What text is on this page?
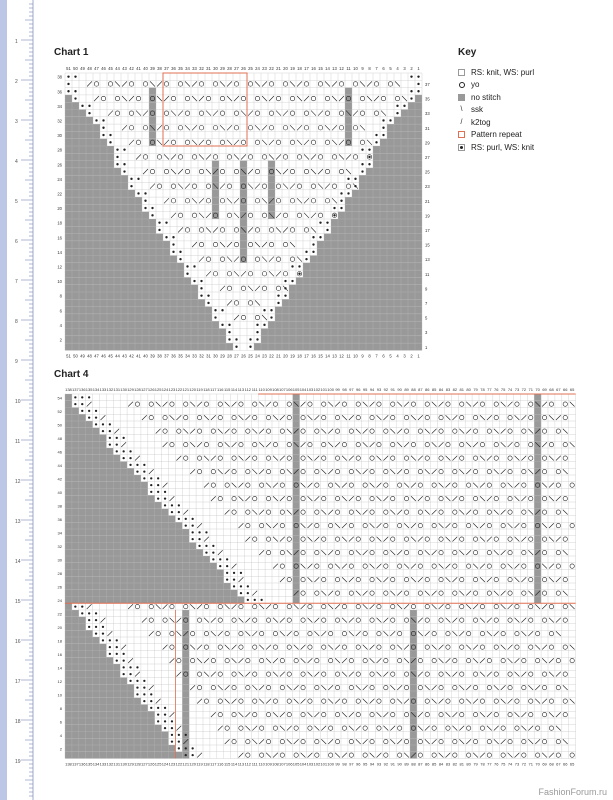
1
2
3
4
5
6
7
8
9
10
11
12
13
14
15
16
17
18
19
Chart 1
51
51
50
50
49
49
48
48
47
47
46
46
45
45
44
44
43
43
42
42
41
41
40
40
39
39
38
38
37
37
36
36
35
35
34
34
33
33
32
32
31
31
30
30
29
29
28
28
27
27
26
26
25
25
24
24
23
23
22
22
21
21
20
20
19
19
18
18
17
17
16
16
15
15
14
14
13
13
12
12
11
11
10
10
9
9
8
8
7
7
6
6
5
5
4
4
3
3
2
2
1
1
1
2
3
4
5
6
7
8
9
10
11
12
13
14
15
16
17
18
19
20
21
22
23
24
25
26
27
28
29
30
31
32
33
34
35
36
37
38
Chart 4
138
138
137
137
136
136
135
135
134
134
133
133
132
132
131
131
130
130
129
129
128
128
127
127
126
126
125
125
124
124
123
123
122
122
121
121
120
120
119
119
118
118
117
117
116
116
115
115
114
114
113
113
112
112
111
111
110
110
109
109
108
108
107
107
106
106
105
105
104
104
103
103
102
102
101
101
100
100
99
99
98
98
97
97
96
96
95
95
94
94
93
93
92
92
91
91
90
90
89
89
88
88
87
87
86
86
85
85
84
84
83
83
82
82
81
81
80
80
79
79
78
78
77
77
76
76
75
75
74
74
73
73
72
72
71
71
70
70
69
69
68
68
67
67
66
66
65
65
2
4
6
8
10
12
14
16
18
20
22
24
26
28
30
32
34
36
38
40
42
44
46
48
50
52
54
Key
RS: knit, WS: purl
yo
no stitch
\	ssk
/	k2tog
Pattern repeat
RS: purl, WS: knit
FashionForum.ru
